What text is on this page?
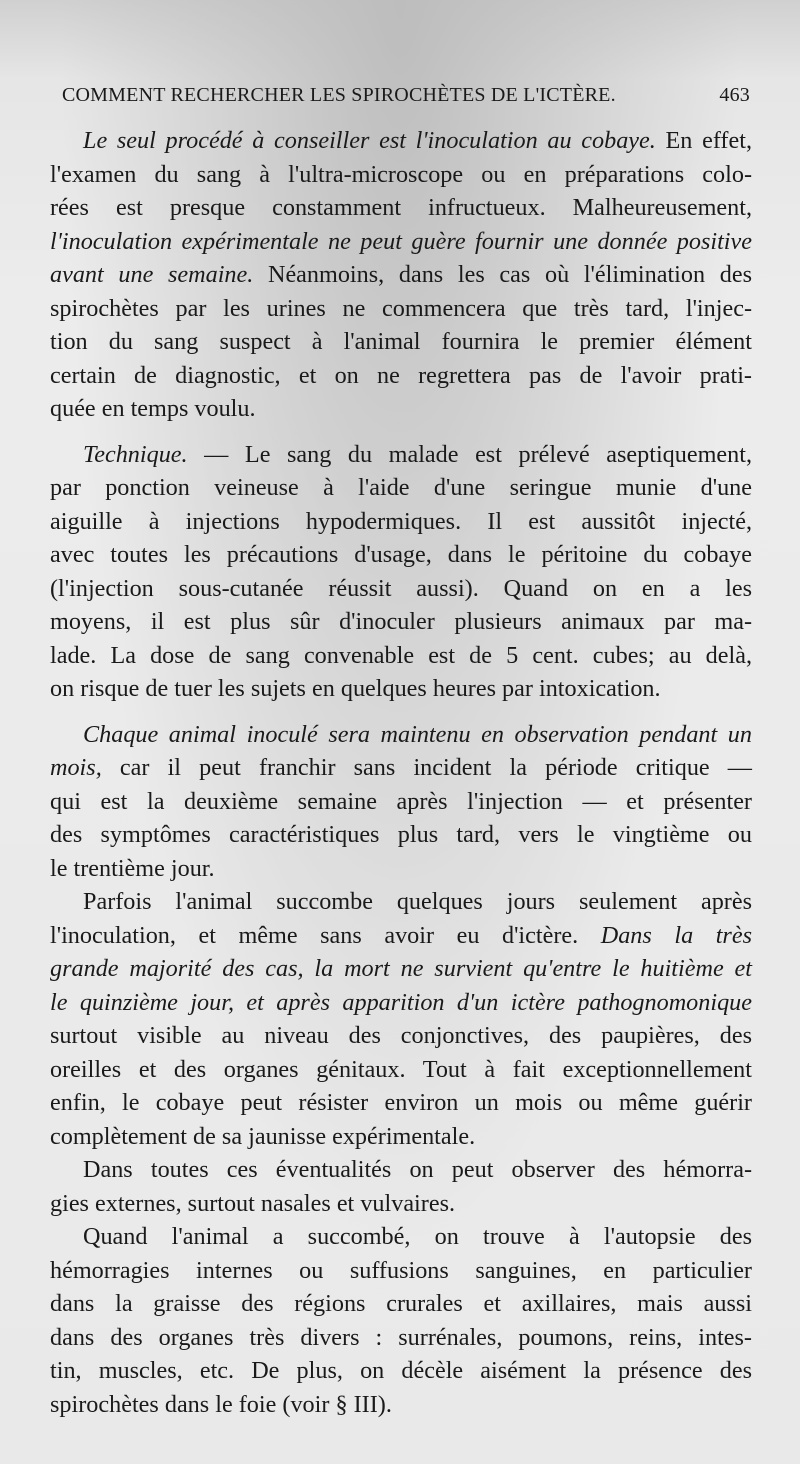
COMMENT RECHERCHER LES SPIROCHÈTES DE L'ICTÈRE.	463
Le seul procédé à conseiller est l'inoculation au cobaye. En effet,
l'examen du sang à l'ultra-microscope ou en préparations colo-
rées est presque constamment infructueux. Malheureusement,
l'inoculation expérimentale ne peut guère fournir une donnée positive
avant une semaine. Néanmoins, dans les cas où l'élimination des
spirochètes par les urines ne commencera que très tard, l'injec-
tion du sang suspect à l'animal fournira le premier élément
certain de diagnostic, et on ne regrettera pas de l'avoir prati-
quée en temps voulu.
Technique. — Le sang du malade est prélevé aseptiquement,
par ponction veineuse à l'aide d'une seringue munie d'une
aiguille à injections hypodermiques. Il est aussitôt injecté,
avec toutes les précautions d'usage, dans le péritoine du cobaye
(l'injection sous-cutanée réussit aussi). Quand on en a les
moyens, il est plus sûr d'inoculer plusieurs animaux par ma-
lade. La dose de sang convenable est de 5 cent. cubes; au delà,
on risque de tuer les sujets en quelques heures par intoxication.
Chaque animal inoculé sera maintenu en observation pendant un
mois, car il peut franchir sans incident la période critique —
qui est la deuxième semaine après l'injection — et présenter
des symptômes caractéristiques plus tard, vers le vingtième ou
le trentième jour.
Parfois l'animal succombe quelques jours seulement après
l'inoculation, et même sans avoir eu d'ictère. Dans la très
grande majorité des cas, la mort ne survient qu'entre le huitième et
le quinzième jour, et après apparition d'un ictère pathognomonique
surtout visible au niveau des conjonctives, des paupières, des
oreilles et des organes génitaux. Tout à fait exceptionnellement
enfin, le cobaye peut résister environ un mois ou même guérir
complètement de sa jaunisse expérimentale.
Dans toutes ces éventualités on peut observer des hémorra-
gies externes, surtout nasales et vulvaires.
Quand l'animal a succombé, on trouve à l'autopsie des
hémorragies internes ou suffusions sanguines, en particulier
dans la graisse des régions crurales et axillaires, mais aussi
dans des organes très divers : surrénales, poumons, reins, intes-
tin, muscles, etc. De plus, on décèle aisément la présence des
spirochètes dans le foie (voir § III).
